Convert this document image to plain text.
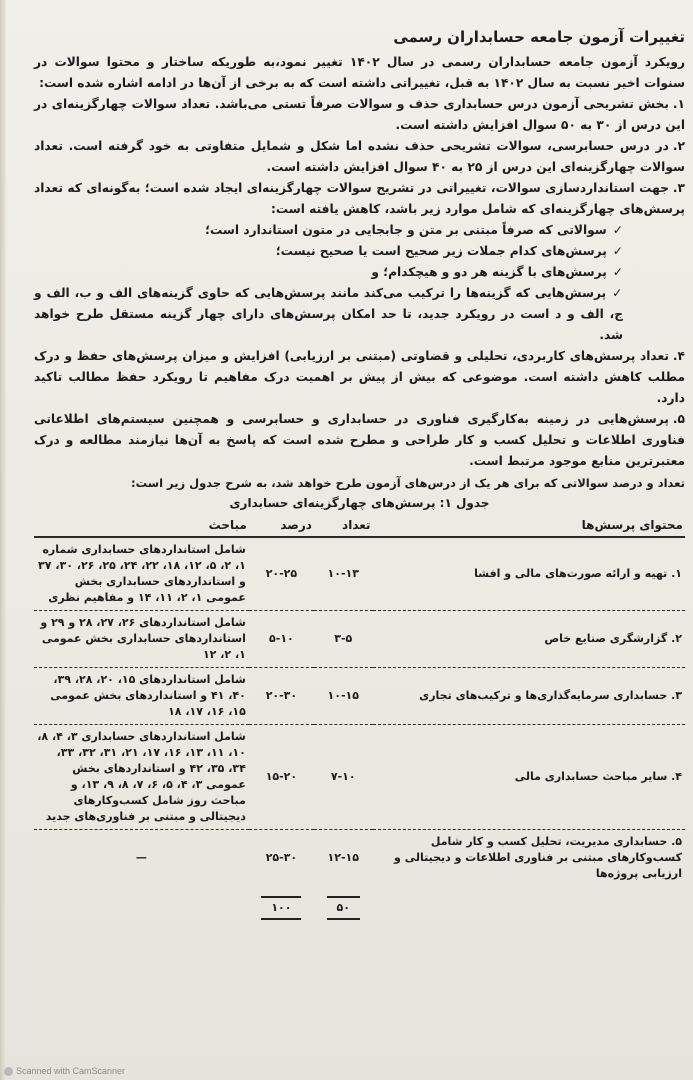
تغییرات آزمون جامعه حسابداران رسمی

رویکرد آزمون جامعه حسابداران رسمی در سال ۱۴۰۲ تغییر نمود،به طوریکه ساختار و محتوا سوالات در سنوات اخیر نسبت به سال ۱۴۰۲ به قبل، تغییراتی داشته است که به برخی از آن‌ها در ادامه اشاره شده است:

۱.بخش تشریحی آزمون درس حسابداری حذف و سوالات صرفاً تستی می‌باشد. تعداد سوالات چهارگزینه‌ای در این درس از ۳۰ به ۵۰ سوال افزایش داشته است.

۲.در درس حسابرسی، سوالات تشریحی حذف نشده اما شکل و شمایل متفاوتی به خود گرفته است. تعداد سوالات چهارگزینه‌ای این درس از ۲۵ به ۴۰ سوال افزایش داشته است.

۳.جهت استانداردسازی سوالات، تغییراتی در تشریح سوالات چهارگزینه‌ای ایجاد شده است؛ به‌گونه‌ای که تعداد پرسش‌های چهارگزینه‌ای که شامل موارد زیر باشد، کاهش یافته است:

✓سوالاتی که صرفاً مبتنی بر متن و جابجایی در متون استاندارد است؛

✓پرسش‌های کدام جملات زیر صحیح است یا صحیح نیست؛

✓پرسش‌های با گزینه هر دو و هیچکدام؛ و

✓پرسش‌هایی که گزینه‌ها را ترکیب می‌کند مانند پرسش‌هایی که حاوی گزینه‌های الف و ب، الف و ج، الف و د است در رویکرد جدید، تا حد امکان پرسش‌های دارای چهار گزینه مستقل طرح خواهد شد.

۴.تعداد پرسش‌های کاربردی، تحلیلی و قضاوتی (مبتنی بر ارزیابی) افزایش و میزان پرسش‌های حفظ و درک مطلب کاهش داشته است. موضوعی که بیش از پیش بر اهمیت درک مفاهیم تا رویکرد حفظ مطالب تاکید دارد.

۵.پرسش‌هایی در زمینه به‌کارگیری فناوری در حسابداری و حسابرسی و همچنین سیستم‌های اطلاعاتی فناوری اطلاعات و تحلیل کسب و کار طراحی و مطرح شده است که پاسخ به آن‌ها نیازمند مطالعه و درک معتبرترین منابع موجود مرتبط است.

تعداد و درصد سوالاتی که برای هر یک از درس‌های آزمون طرح خواهد شد، به شرح جدول زیر است:
جدول ۱: پرسش‌های چهارگزینه‌ای حسابداری
محتوای پرسش‌ها	تعداد	درصد	مباحث
۱. تهیه و ارائه صورت‌های مالی و افشا	۱۰-۱۳	۲۰-۲۵	شامل استانداردهای حسابداری شماره ۱، ۲، ۵، ۱۲، ۱۸، ۲۲، ۲۴، ۲۵، ۲۶، ۳۰، ۳۷ و استانداردهای حسابداری بخش عمومی ۱، ۲، ۱۱، ۱۴ و مفاهیم نظری
۲. گزارشگری صنایع خاص	۳-۵	۵-۱۰	شامل استانداردهای ۲۶، ۲۷، ۲۸ و ۲۹ و استانداردهای حسابداری بخش عمومی ۱، ۲، ۱۲
۳. حسابداری سرمایه‌گذاری‌ها و ترکیب‌های تجاری	۱۰-۱۵	۲۰-۳۰	شامل استانداردهای ۱۵، ۲۰، ۲۸، ۳۹، ۴۰، ۴۱ و استانداردهای بخش عمومی ۱۵، ۱۶، ۱۷، ۱۸
۴. سایر مباحث حسابداری مالی	۷-۱۰	۱۵-۲۰	شامل استانداردهای حسابداری ۳، ۴، ۸، ۱۰، ۱۱، ۱۳، ۱۶، ۱۷، ۲۱، ۳۱، ۳۲، ۳۳، ۳۴، ۳۵، ۴۲ و استانداردهای بخش عمومی ۳، ۴، ۵، ۶، ۷، ۸، ۹، ۱۳، و مباحث روز شامل کسب‌وکارهای دیجیتالی و مبتنی بر فناوری‌های جدید
۵. حسابداری مدیریت، تحلیل کسب و کار شامل کسب‌وکارهای مبتنی بر فناوری اطلاعات و دیجیتالی و ارزیابی پروژه‌ها	۱۲-۱۵	۲۵-۳۰	—
	۵۰	۱۰۰	
Scanned with CamScanner
